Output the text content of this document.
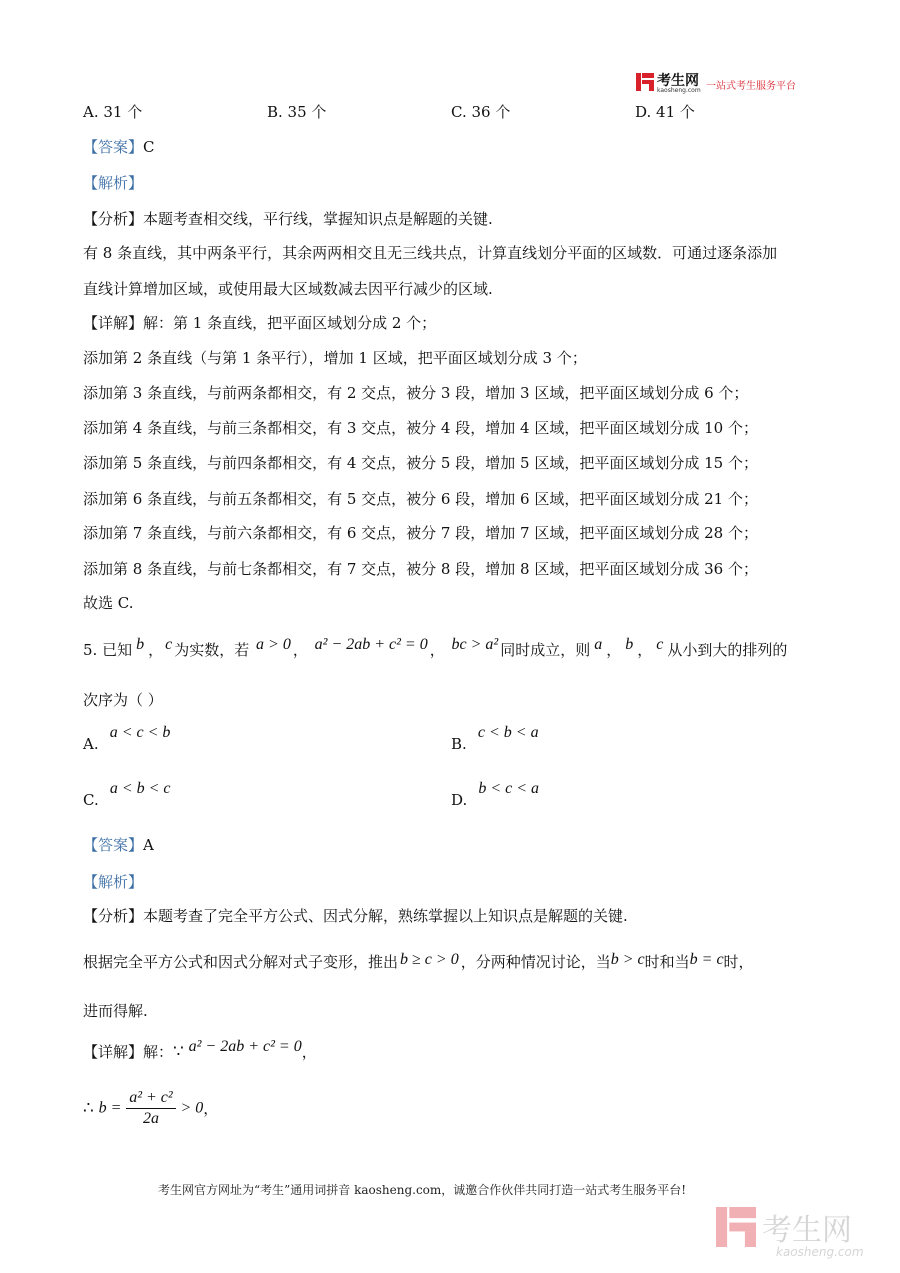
考生网
kaosheng.com 一站式考生服务平台
A. 31 个	B. 35 个	C. 36 个	D. 41 个
【答案】C
【解析】
【分析】本题考查相交线，平行线，掌握知识点是解题的关键.
有 8 条直线，其中两条平行，其余两两相交且无三线共点，计算直线划分平面的区域数．可通过逐条添加
直线计算增加区域，或使用最大区域数减去因平行减少的区域.
【详解】解：第 1 条直线，把平面区域划分成 2 个；
添加第 2 条直线（与第 1 条平行），增加 1 区域，把平面区域划分成 3 个；
添加第 3 条直线，与前两条都相交，有 2 交点，被分 3 段，增加 3 区域，把平面区域划分成 6 个；
添加第 4 条直线，与前三条都相交，有 3 交点，被分 4 段，增加 4 区域，把平面区域划分成 10 个；
添加第 5 条直线，与前四条都相交，有 4 交点，被分 5 段，增加 5 区域，把平面区域划分成 15 个；
添加第 6 条直线，与前五条都相交，有 5 交点，被分 6 段，增加 6 区域，把平面区域划分成 21 个；
添加第 7 条直线，与前六条都相交，有 6 交点，被分 7 段，增加 7 区域，把平面区域划分成 28 个；
添加第 8 条直线，与前七条都相交，有 7 交点，被分 8 段，增加 8 区域，把平面区域划分成 36 个；
故选 C.
5. 已知 b ， c 为实数，若 a > 0 ， a² − 2ab + c² = 0 ， bc > a² 同时成立，则 a ， b ， c 从小到大的排列的
次序为（ ）
A. a < c < b
B. c < b < a
C. a < b < c
D. b < c < a
【答案】A
【解析】
【分析】本题考查了完全平方公式、因式分解，熟练掌握以上知识点是解题的关键.
根据完全平方公式和因式分解对式子变形，推出 b ≥ c > 0 ，分两种情况讨论，当b > c时和当b = c时，
进而得解.
【详解】解：∵ a² − 2ab + c² = 0，
∴ $b = \frac{\text{a² + c²}}{2a} > 0$，
考生网官方网址为“考生”通用词拼音 kaosheng.com，诚邀合作伙伴共同打造一站式考生服务平台!
考生网
kaosheng.com
